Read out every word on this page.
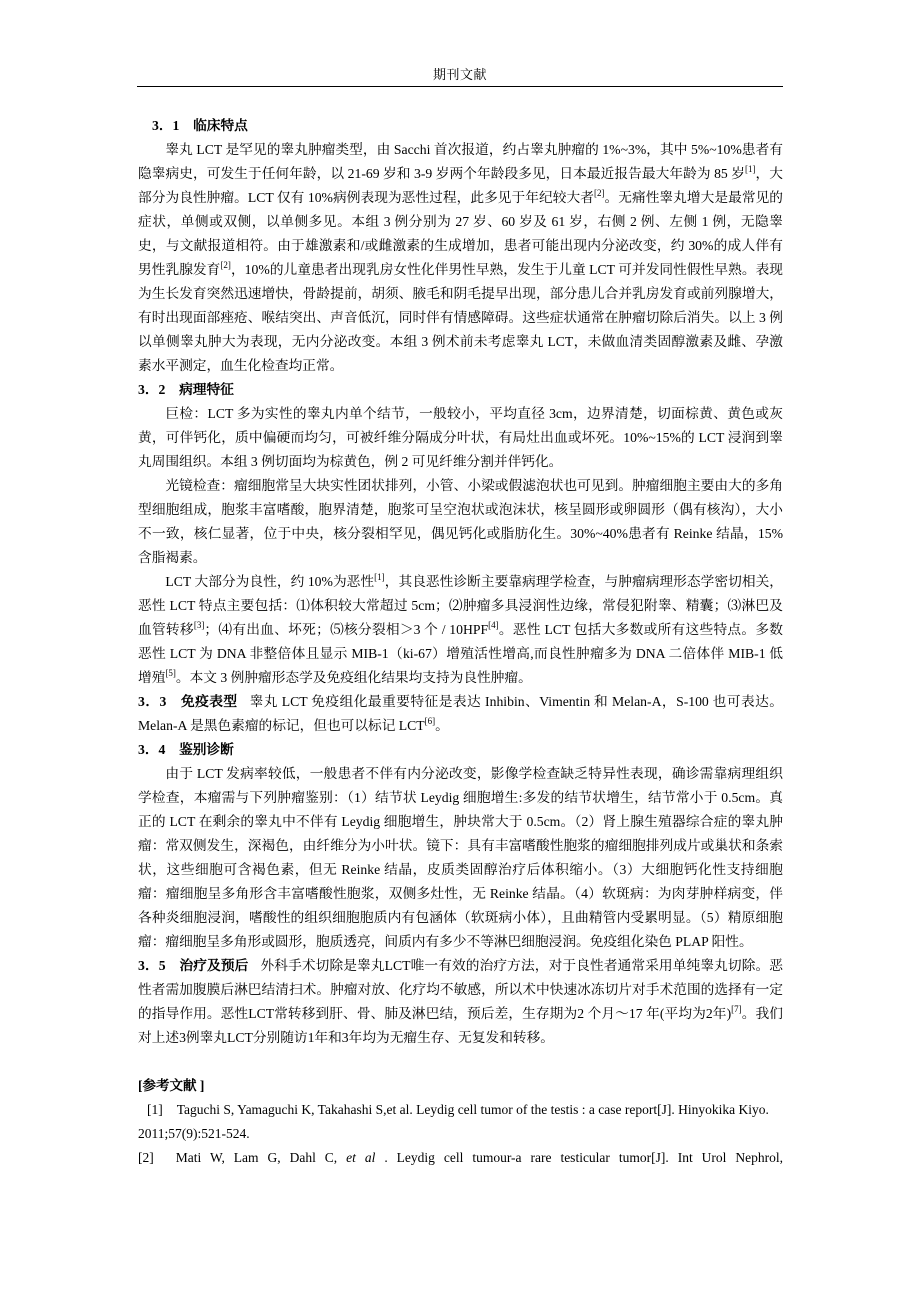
期刊文献

3．1　临床特点

睾丸 LCT 是罕见的睾丸肿瘤类型，由 Sacchi 首次报道，约占睾丸肿瘤的 1%~3%，其中 5%~10%患者有隐睾病史，可发生于任何年龄，以 21-69 岁和 3-9 岁两个年龄段多见，日本最近报告最大年龄为 85 岁[1]，大部分为良性肿瘤。LCT 仅有 10%病例表现为恶性过程，此多见于年纪较大者[2]。无痛性睾丸增大是最常见的症状，单侧或双侧，以单侧多见。本组 3 例分别为 27 岁、60 岁及 61 岁，右侧 2 例、左侧 1 例，无隐睾史，与文献报道相符。由于雄激素和/或雌激素的生成增加，患者可能出现内分泌改变，约 30%的成人伴有男性乳腺发育[2]，10%的儿童患者出现乳房女性化伴男性早熟，发生于儿童 LCT 可并发同性假性早熟。表现为生长发育突然迅速增快，骨龄提前，胡须、腋毛和阴毛提早出现，部分患儿合并乳房发育或前列腺增大，有时出现面部痤疮、喉结突出、声音低沉，同时伴有情感障碍。这些症状通常在肿瘤切除后消失。以上 3 例以单侧睾丸肿大为表现，无内分泌改变。本组 3 例术前未考虑睾丸 LCT，未做血清类固醇激素及雌、孕激素水平测定，血生化检查均正常。

3．2　病理特征

巨检：LCT 多为实性的睾丸内单个结节，一般较小，平均直径 3cm，边界清楚，切面棕黄、黄色或灰黄，可伴钙化，质中偏硬而均匀，可被纤维分隔成分叶状，有局灶出血或坏死。10%~15%的 LCT 浸润到睾丸周围组织。本组 3 例切面均为棕黄色，例 2 可见纤维分割并伴钙化。

光镜检查：瘤细胞常呈大块实性团状排列，小管、小梁或假滤泡状也可见到。肿瘤细胞主要由大的多角型细胞组成，胞浆丰富嗜酸，胞界清楚，胞浆可呈空泡状或泡沫状，核呈圆形或卵圆形（偶有核沟），大小不一致，核仁显著，位于中央，核分裂相罕见，偶见钙化或脂肪化生。30%~40%患者有 Reinke 结晶，15%含脂褐素。

LCT 大部分为良性，约 10%为恶性[1]，其良恶性诊断主要靠病理学检查，与肿瘤病理形态学密切相关，恶性 LCT 特点主要包括：⑴体积较大常超过 5cm；⑵肿瘤多具浸润性边缘，常侵犯附睾、精囊；⑶淋巴及血管转移[3]；⑷有出血、坏死；⑸核分裂相＞3 个 / 10HPF[4]。恶性 LCT 包括大多数或所有这些特点。多数恶性 LCT 为 DNA 非整倍体且显示 MIB-1（ki-67）增殖活性增高,而良性肿瘤多为 DNA 二倍体伴 MIB-1 低增殖[5]。本文 3 例肿瘤形态学及免疫组化结果均支持为良性肿瘤。

3．3　免疫表型 睾丸 LCT 免疫组化最重要特征是表达 Inhibin、Vimentin 和 Melan-A，S-100 也可表达。Melan-A 是黑色素瘤的标记，但也可以标记 LCT[6]。

3．4　鉴别诊断

由于 LCT 发病率较低，一般患者不伴有内分泌改变，影像学检查缺乏特异性表现，确诊需靠病理组织学检查，本瘤需与下列肿瘤鉴别：（1）结节状 Leydig 细胞增生:多发的结节状增生，结节常小于 0.5cm。真正的 LCT 在剩余的睾丸中不伴有 Leydig 细胞增生，肿块常大于 0.5cm。（2）肾上腺生殖器综合症的睾丸肿瘤：常双侧发生，深褐色，由纤维分为小叶状。镜下：具有丰富嗜酸性胞浆的瘤细胞排列成片或巢状和条索状，这些细胞可含褐色素，但无 Reinke 结晶，皮质类固醇治疗后体积缩小。（3）大细胞钙化性支持细胞瘤：瘤细胞呈多角形含丰富嗜酸性胞浆，双侧多灶性，无 Reinke 结晶。（4）软斑病：为肉芽肿样病变，伴各种炎细胞浸润，嗜酸性的组织细胞胞质内有包涵体（软斑病小体），且曲精管内受累明显。（5）精原细胞瘤：瘤细胞呈多角形或圆形，胞质透亮，间质内有多少不等淋巴细胞浸润。免疫组化染色 PLAP 阳性。

3．5　治疗及预后 外科手术切除是睾丸LCT唯一有效的治疗方法，对于良性者通常采用单纯睾丸切除。恶性者需加腹膜后淋巴结清扫术。肿瘤对放、化疗均不敏感，所以术中快速冰冻切片对手术范围的选择有一定的指导作用。恶性LCT常转移到肝、骨、肺及淋巴结，预后差，生存期为2 个月～17 年(平均为2年)[7]。我们对上述3例睾丸LCT分别随访1年和3年均为无瘤生存、无复发和转移。

[参考文献 ]

[1] Taguchi S, Yamaguchi K, Takahashi S,et al. Leydig cell tumor of the testis : a case report[J]. Hinyokika Kiyo. 2011;57(9):521-524.

[2] Mati W, Lam G, Dahl C, et al . Leydig cell tumour-a rare testicular tumor[J]. Int Urol Nephrol,
